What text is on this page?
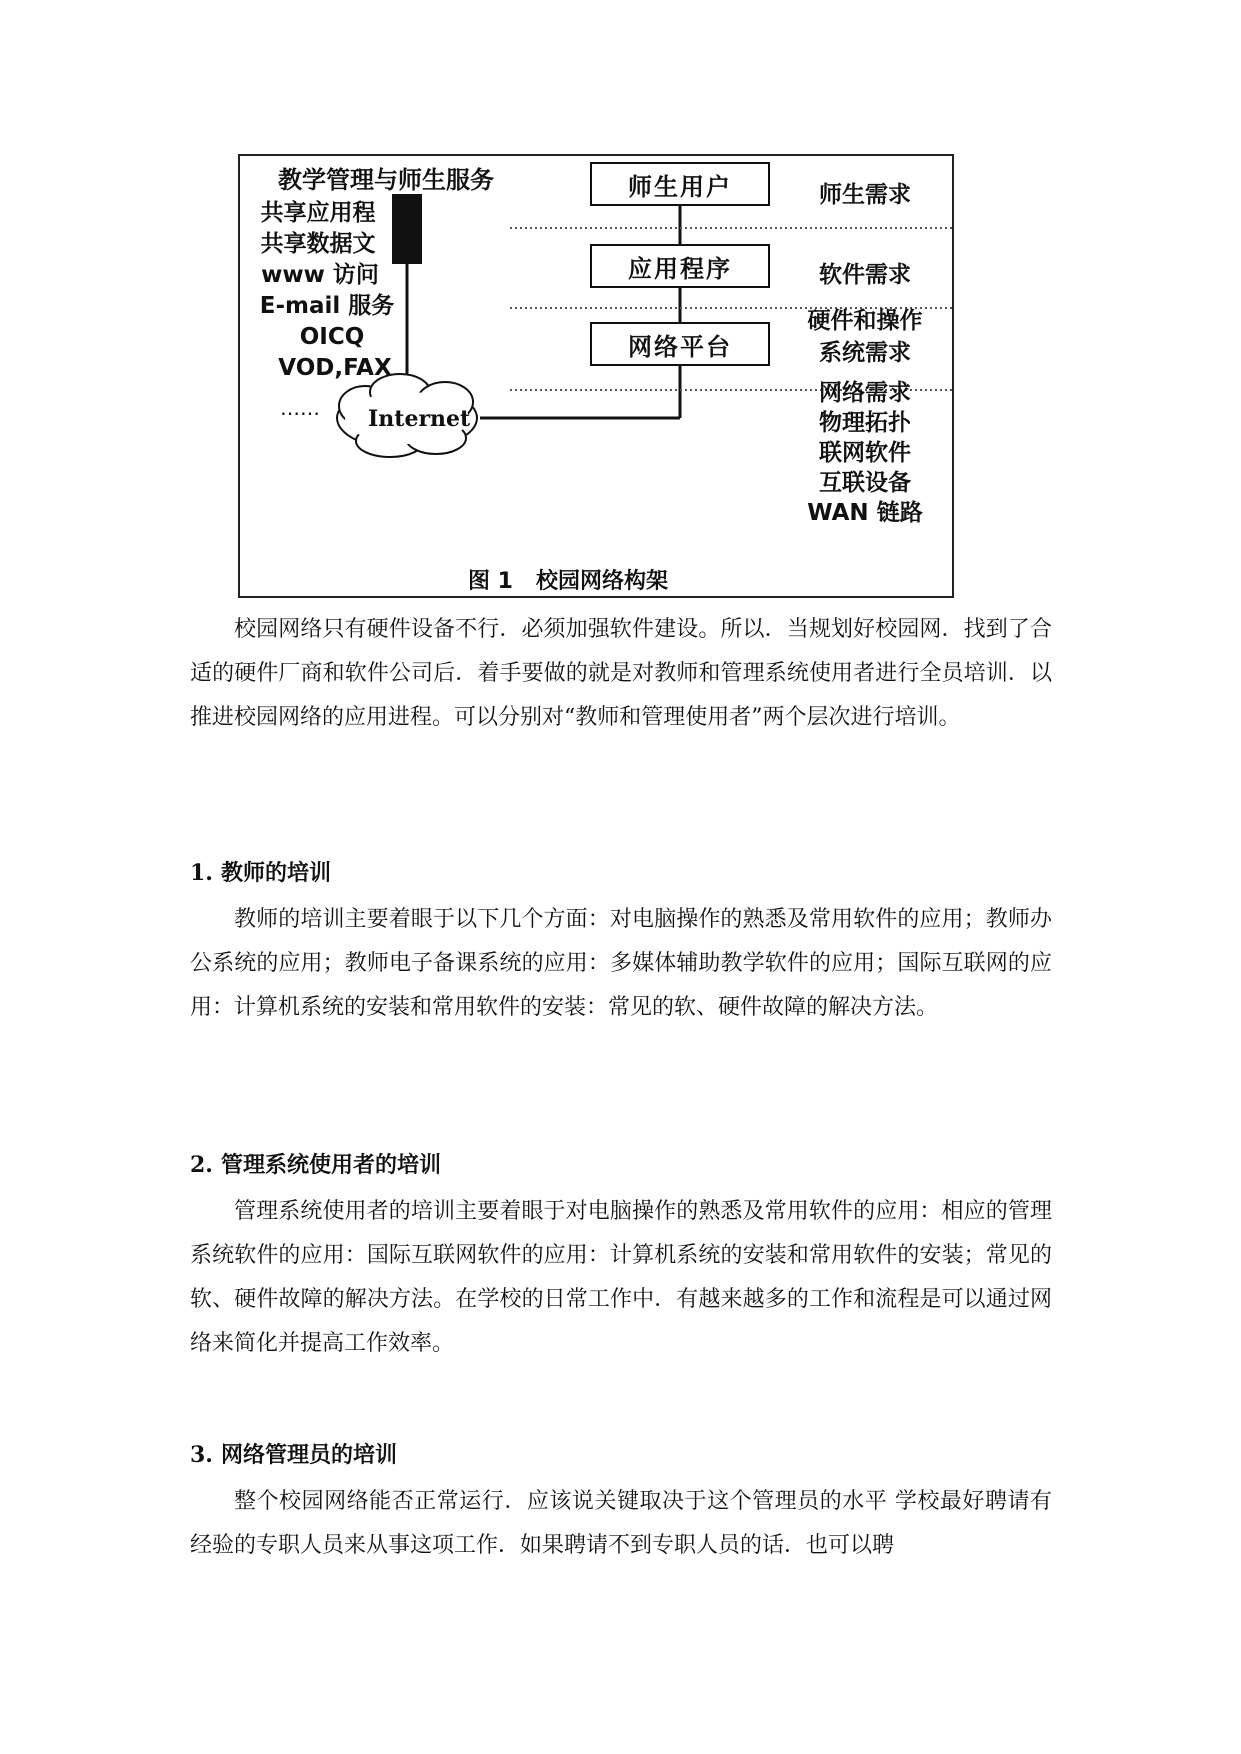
教学管理与师生服务
共享应用程
共享数据文
www 访问
E-mail 服务
OICQ
VOD,FAX
…… Internet
师生用户
应用程序
网络平台
师生需求
软件需求
硬件和操作
系统需求
网络需求
物理拓扑
联网软件
互联设备
WAN 链路
图 1   校园网络构架

校园网络只有硬件设备不行．必须加强软件建设。所以．当规划好校园网．找到了合适的硬件厂商和软件公司后．着手要做的就是对教师和管理系统使用者进行全员培训．以推进校园网络的应用进程。可以分别对“教师和管理使用者”两个层次进行培训。

1. 教师的培训

教师的培训主要着眼于以下几个方面：对电脑操作的熟悉及常用软件的应用；教师办公系统的应用；教师电子备课系统的应用：多媒体辅助教学软件的应用；国际互联网的应用：计算机系统的安装和常用软件的安装：常见的软、硬件故障的解决方法。

2. 管理系统使用者的培训

管理系统使用者的培训主要着眼于对电脑操作的熟悉及常用软件的应用：相应的管理系统软件的应用：国际互联网软件的应用：计算机系统的安装和常用软件的安装；常见的软、硬件故障的解决方法。在学校的日常工作中．有越来越多的工作和流程是可以通过网络来简化并提高工作效率。

3. 网络管理员的培训

整个校园网络能否正常运行．应该说关键取决于这个管理员的水平 学校最好聘请有经验的专职人员来从事这项工作．如果聘请不到专职人员的话．也可以聘
